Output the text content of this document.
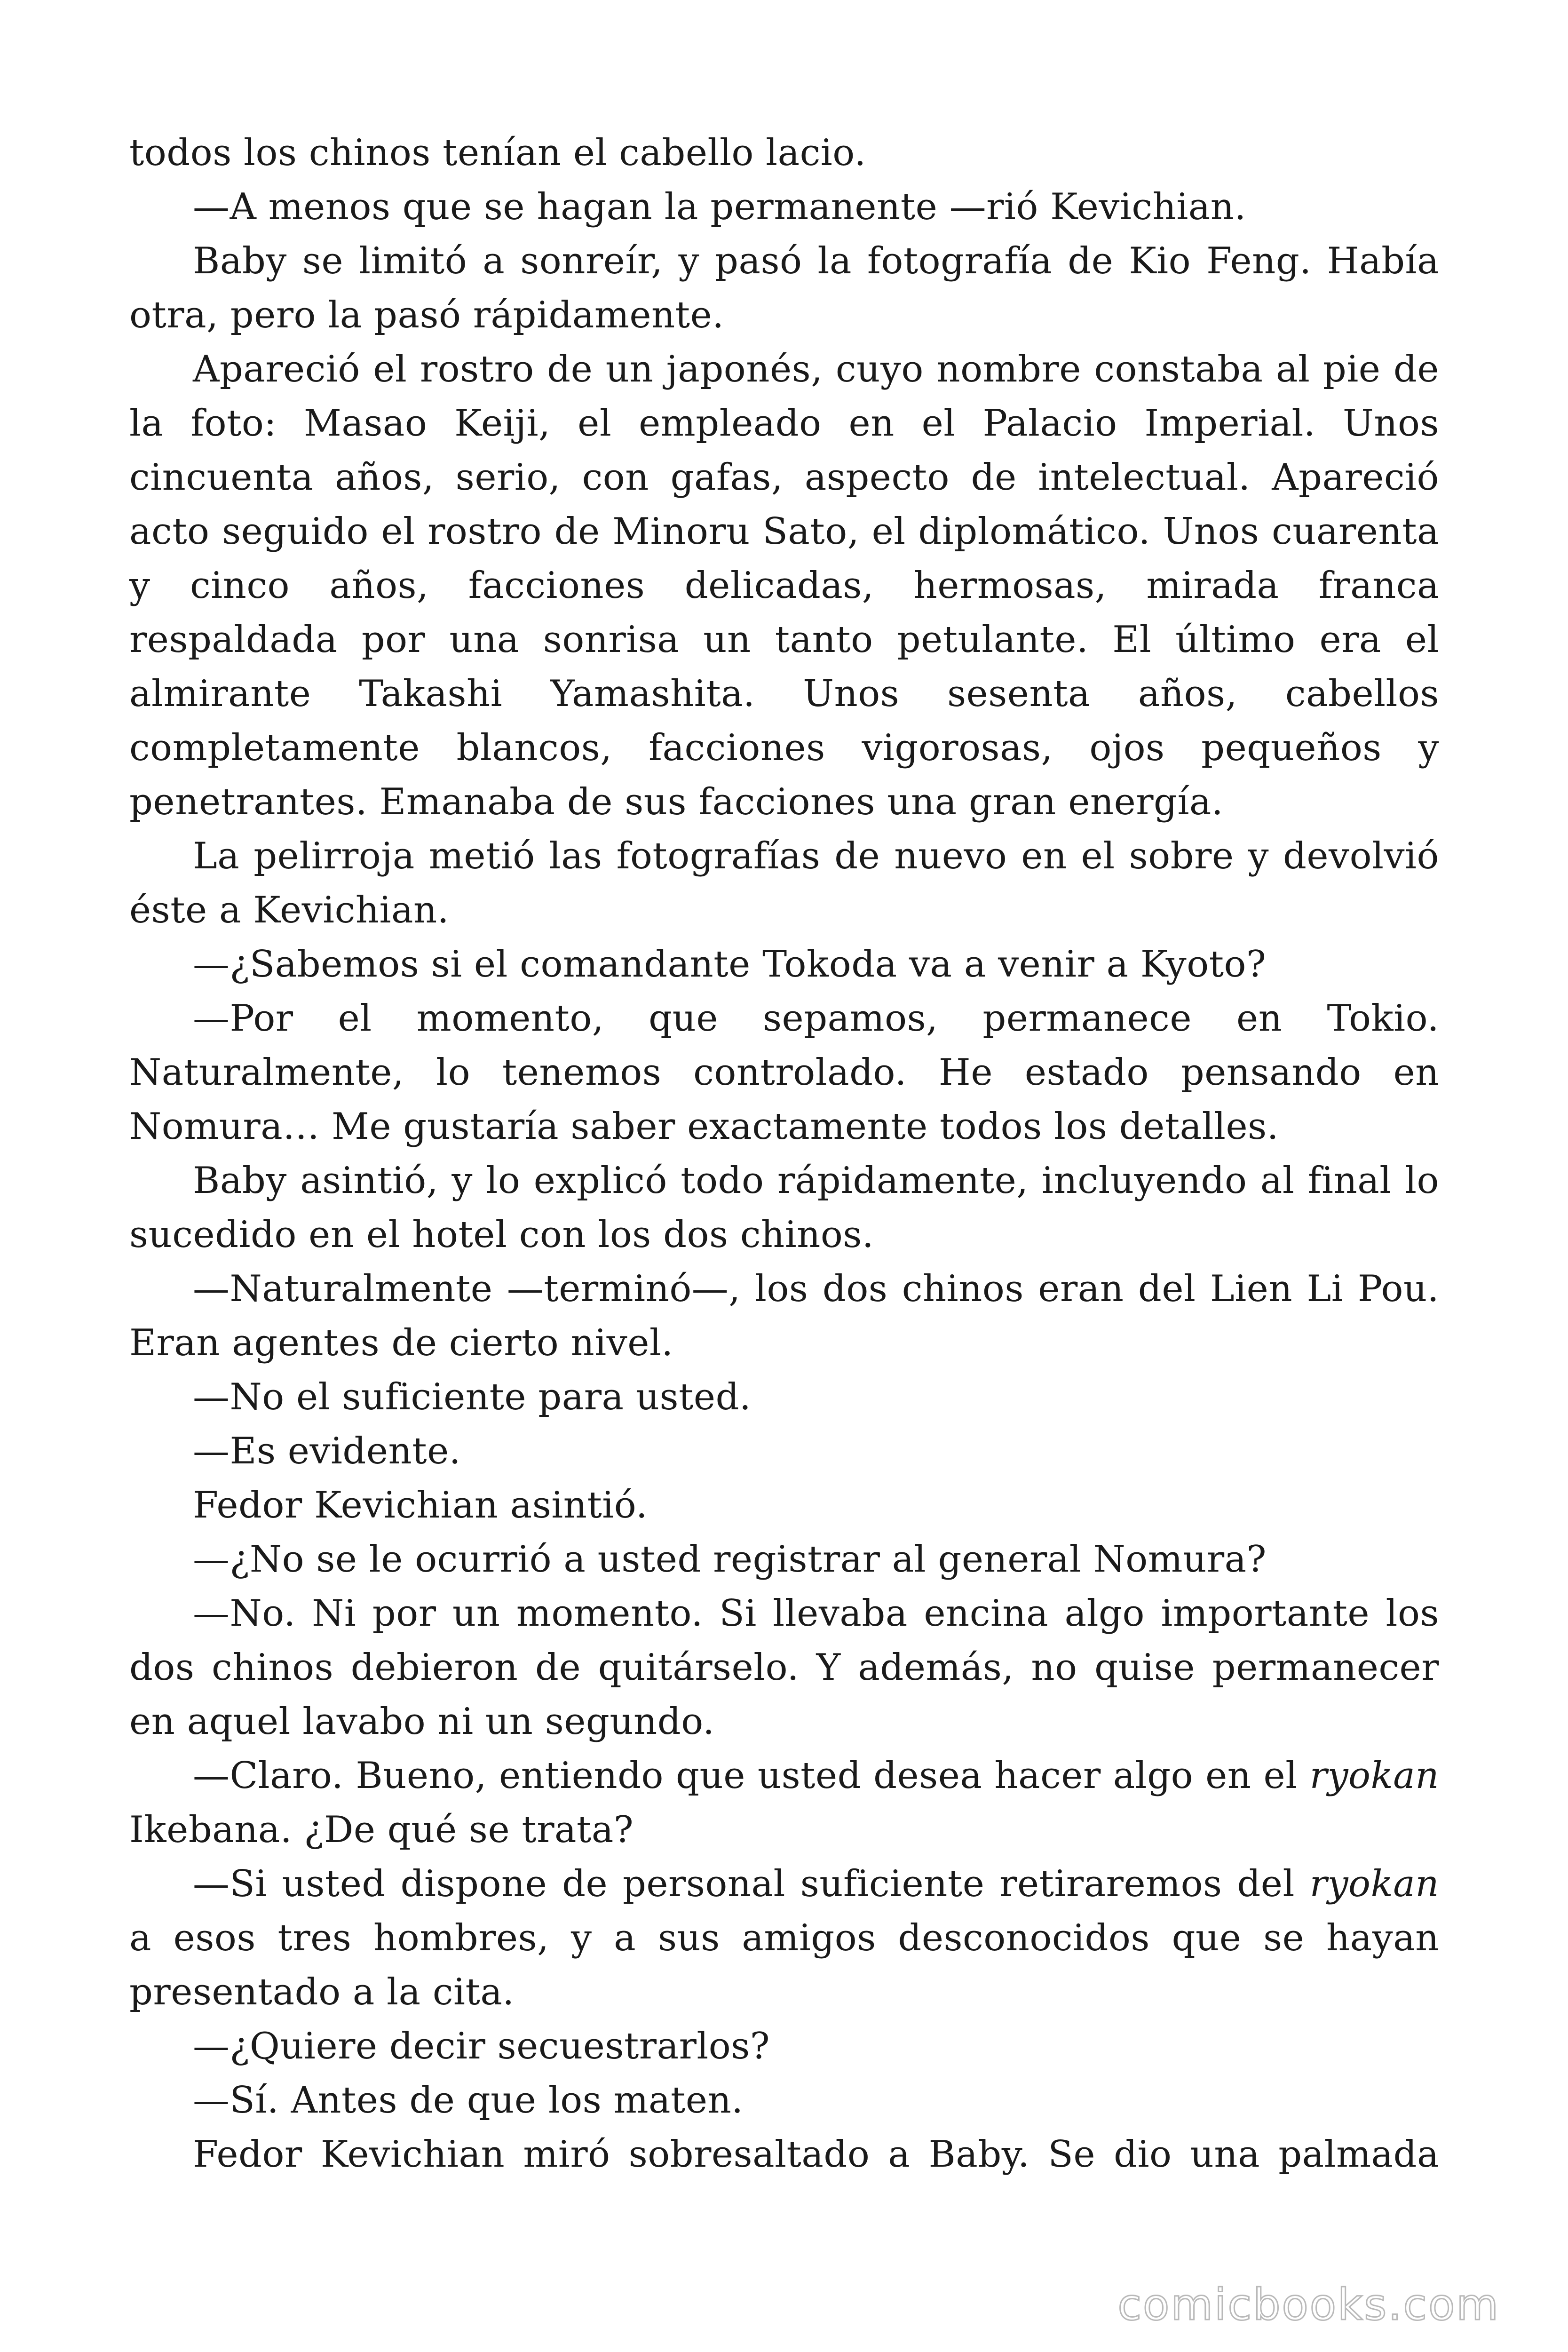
todos los chinos tenían el cabello lacio.

—A menos que se hagan la permanente —rió Kevichian.

Baby se limitó a sonreír, y pasó la fotografía de Kio Feng. Había otra, pero la pasó rápidamente.

Apareció el rostro de un japonés, cuyo nombre constaba al pie de la foto: Masao Keiji, el empleado en el Palacio Imperial. Unos cincuenta años, serio, con gafas, aspecto de intelectual. Apareció acto seguido el rostro de Minoru Sato, el diplomático. Unos cuarenta y cinco años, facciones delicadas, hermosas, mirada franca respaldada por una sonrisa un tanto petulante. El último era el almirante Takashi Yamashita. Unos sesenta años, cabellos completamente blancos, facciones vigorosas, ojos pequeños y penetrantes. Emanaba de sus facciones una gran energía.

La pelirroja metió las fotografías de nuevo en el sobre y devolvió éste a Kevichian.

—¿Sabemos si el comandante Tokoda va a venir a Kyoto?

—Por el momento, que sepamos, permanece en Tokio. Naturalmente, lo tenemos controlado. He estado pensando en Nomura… Me gustaría saber exactamente todos los detalles.

Baby asintió, y lo explicó todo rápidamente, incluyendo al final lo sucedido en el hotel con los dos chinos.

—Naturalmente —terminó—, los dos chinos eran del Lien Li Pou. Eran agentes de cierto nivel.

—No el suficiente para usted.

—Es evidente.

Fedor Kevichian asintió.

—¿No se le ocurrió a usted registrar al general Nomura?

—No. Ni por un momento. Si llevaba encina algo importante los dos chinos debieron de quitárselo. Y además, no quise permanecer en aquel lavabo ni un segundo.

—Claro. Bueno, entiendo que usted desea hacer algo en el ryokan Ikebana. ¿De qué se trata?

—Si usted dispone de personal suficiente retiraremos del ryokan a esos tres hombres, y a sus amigos desconocidos que se hayan presentado a la cita.

—¿Quiere decir secuestrarlos?

—Sí. Antes de que los maten.

Fedor Kevichian miró sobresaltado a Baby. Se dio una palmada

comicbooks.com
